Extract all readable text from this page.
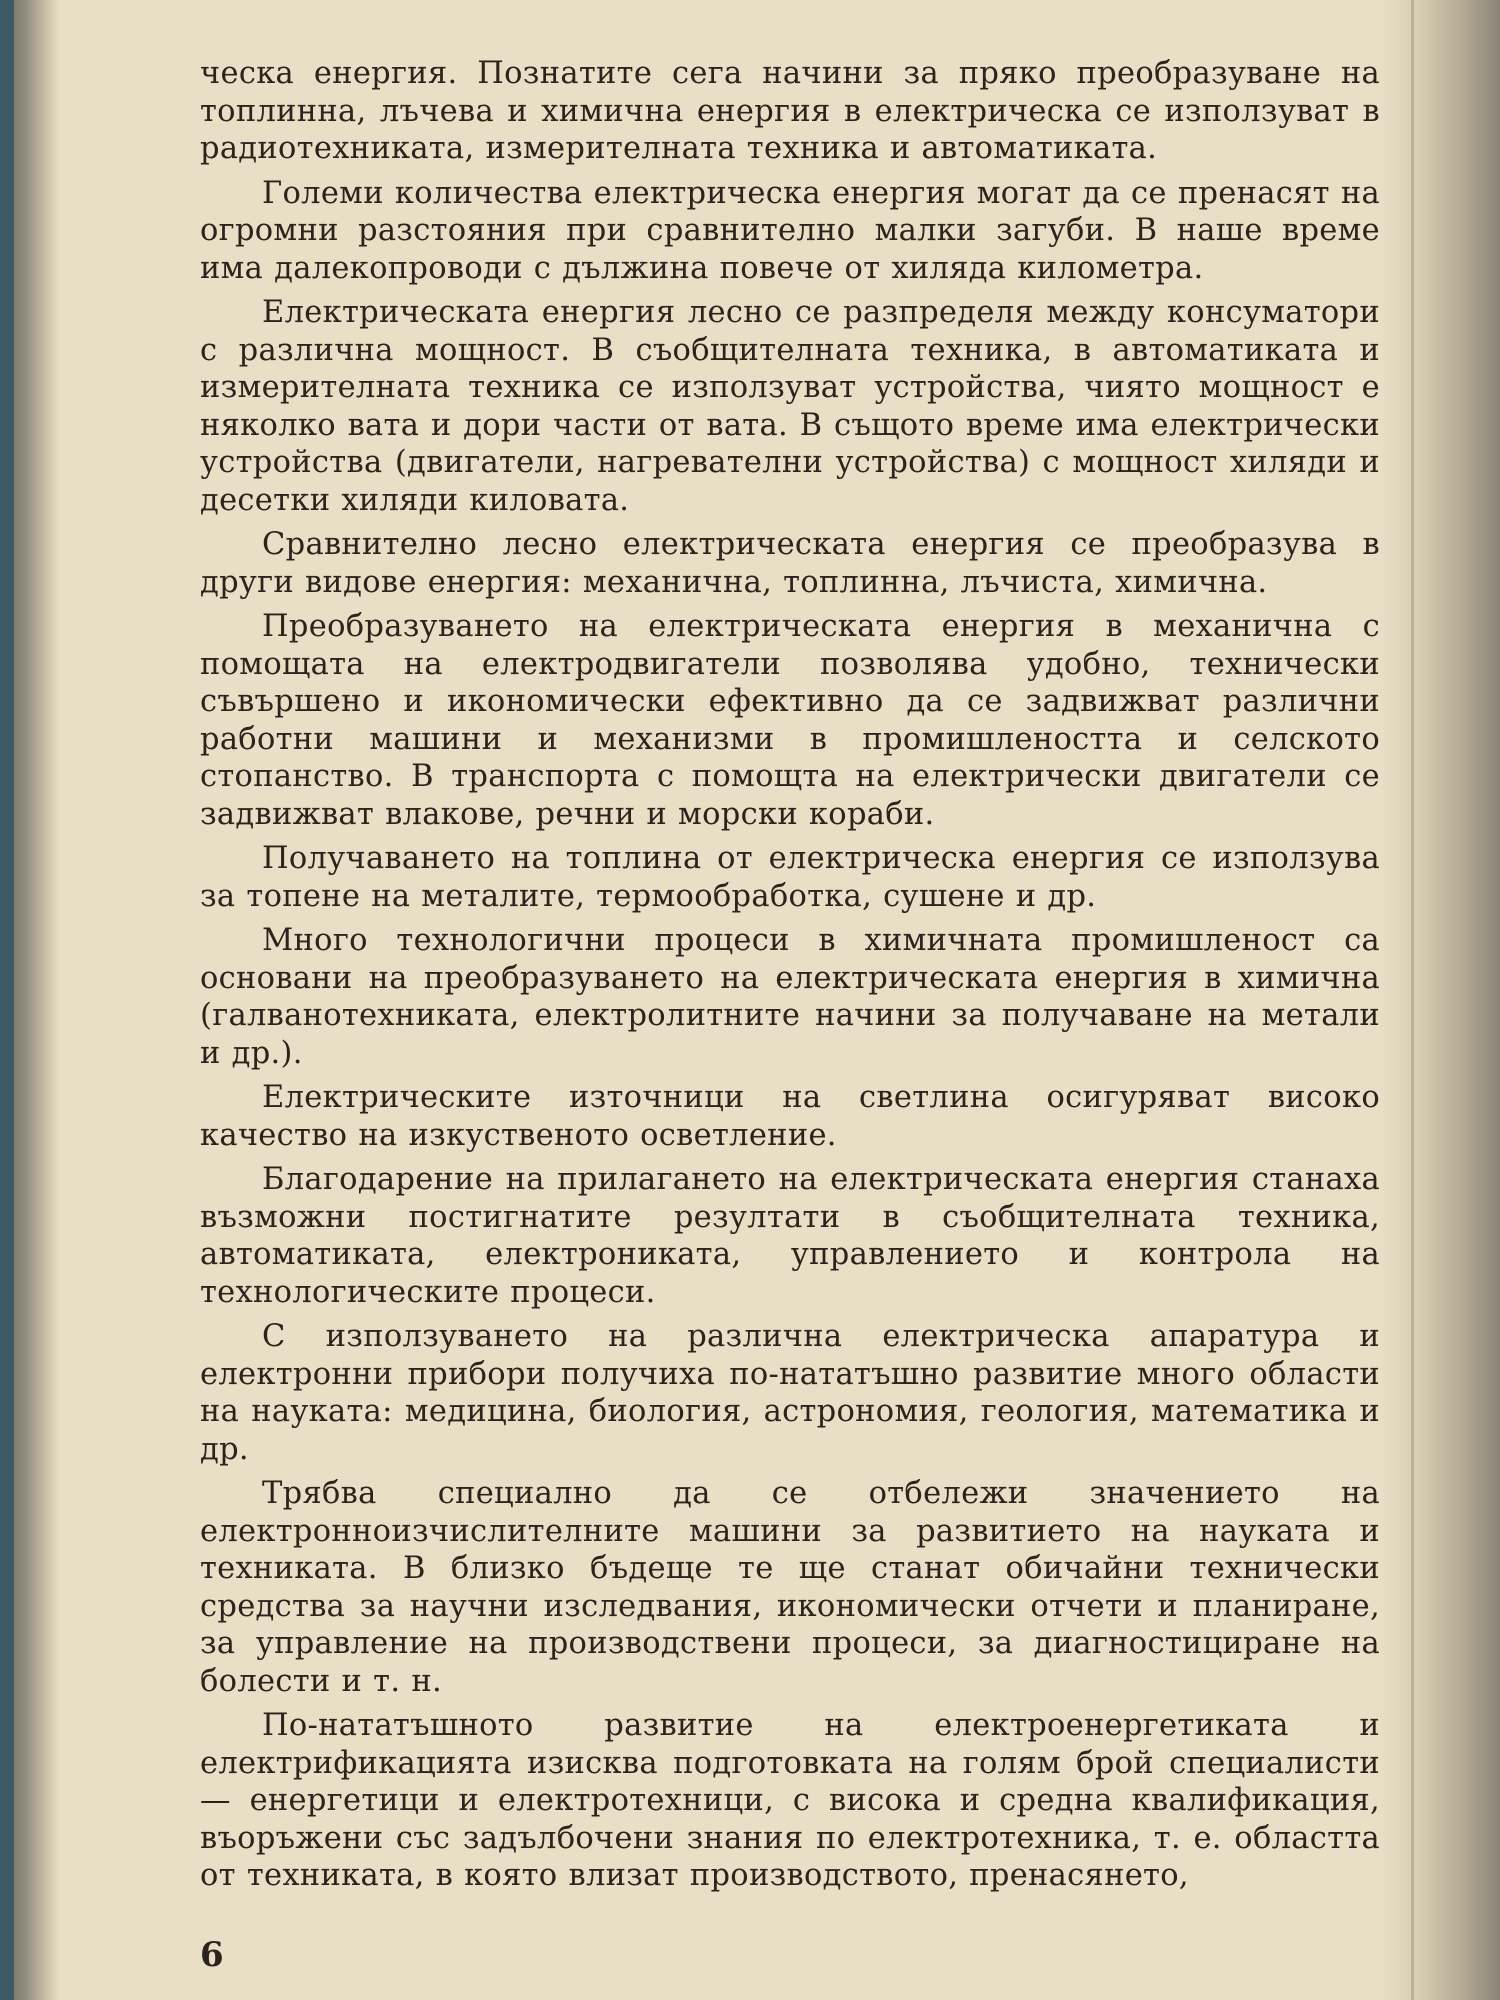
ческа енергия. Познатите сега начини за пряко преобразуване на топлинна, лъчева и химична енергия в електрическа се използуват в радиотехниката, измерителната техника и автоматиката.

Големи количества електрическа енергия могат да се пренасят на огромни разстояния при сравнително малки загуби. В наше време има далекопроводи с дължина повече от хиляда километра.

Електрическата енергия лесно се разпределя между консуматори с различна мощност. В съобщителната техника, в автоматиката и измерителната техника се използуват устройства, чиято мощност е няколко вата и дори части от вата. В същото време има електрически устройства (двигатели, нагревателни устройства) с мощност хиляди и десетки хиляди киловата.

Сравнително лесно електрическата енергия се преобразува в други видове енергия: механична, топлинна, лъчиста, химична.

Преобразуването на електрическата енергия в механична с помощата на електродвигатели позволява удобно, технически съвършено и икономически ефективно да се задвижват различни работни машини и механизми в промишлеността и селското стопанство. В транспорта с помощта на електрически двигатели се задвижват влакове, речни и морски кораби.

Получаването на топлина от електрическа енергия се използува за топене на металите, термообработка, сушене и др.

Много технологични процеси в химичната промишленост са основани на преобразуването на електрическата енергия в химична (галванотехниката, електролитните начини за получаване на метали и др.).

Електрическите източници на светлина осигуряват високо качество на изкуственото осветление.

Благодарение на прилагането на електрическата енергия станаха възможни постигнатите резултати в съобщителната техника, автоматиката, електрониката, управлението и контрола на технологическите процеси.

С използуването на различна електрическа апаратура и електронни прибори получиха по-нататъшно развитие много области на науката: медицина, биология, астрономия, геология, математика и др.

Трябва специално да се отбележи значението на електронноизчислителните машини за развитието на науката и техниката. В близко бъдеще те ще станат обичайни технически средства за научни изследвания, икономически отчети и планиране, за управление на производствени процеси, за диагностициране на болести и т. н.

По-нататъшното развитие на електроенергетиката и електрификацията изисква подготовката на голям брой специалисти — енергетици и електротехници, с висока и средна квалификация, въоръжени със задълбочени знания по електротехника, т. е. областта от техниката, в която влизат производството, пренасянето,

6
